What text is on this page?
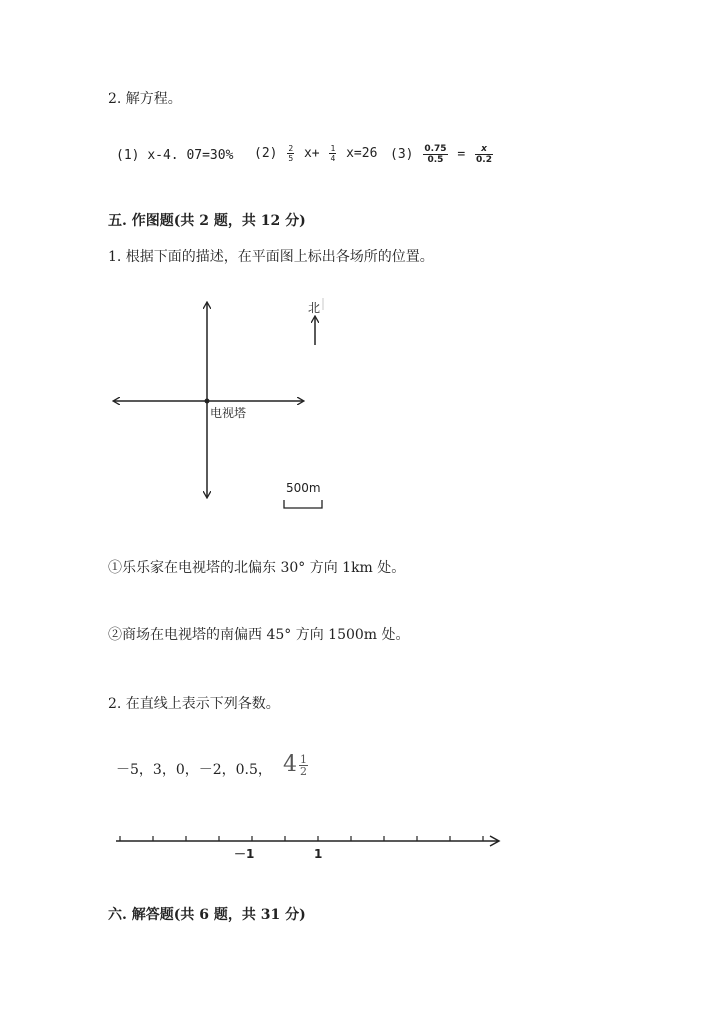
2. 解方程。
(1) x-4. 07=30% $(2) \frac{2}{5} x+ \frac{1}{4} x=26$ $(3) \frac{0.75}{0.5} = \frac{x}{0.2}$
五. 作图题(共 2 题，共 12 分)
1. 根据下面的描述，在平面图上标出各场所的位置。
电视塔
北
500m
①乐乐家在电视塔的北偏东 30° 方向 1km 处。
②商场在电视塔的南偏西 45° 方向 1500m 处。
2. 在直线上表示下列各数。
－5，3，0，－2，0.5， $4 \frac{1}{2}$
－1	1
六. 解答题(共 6 题，共 31 分)
